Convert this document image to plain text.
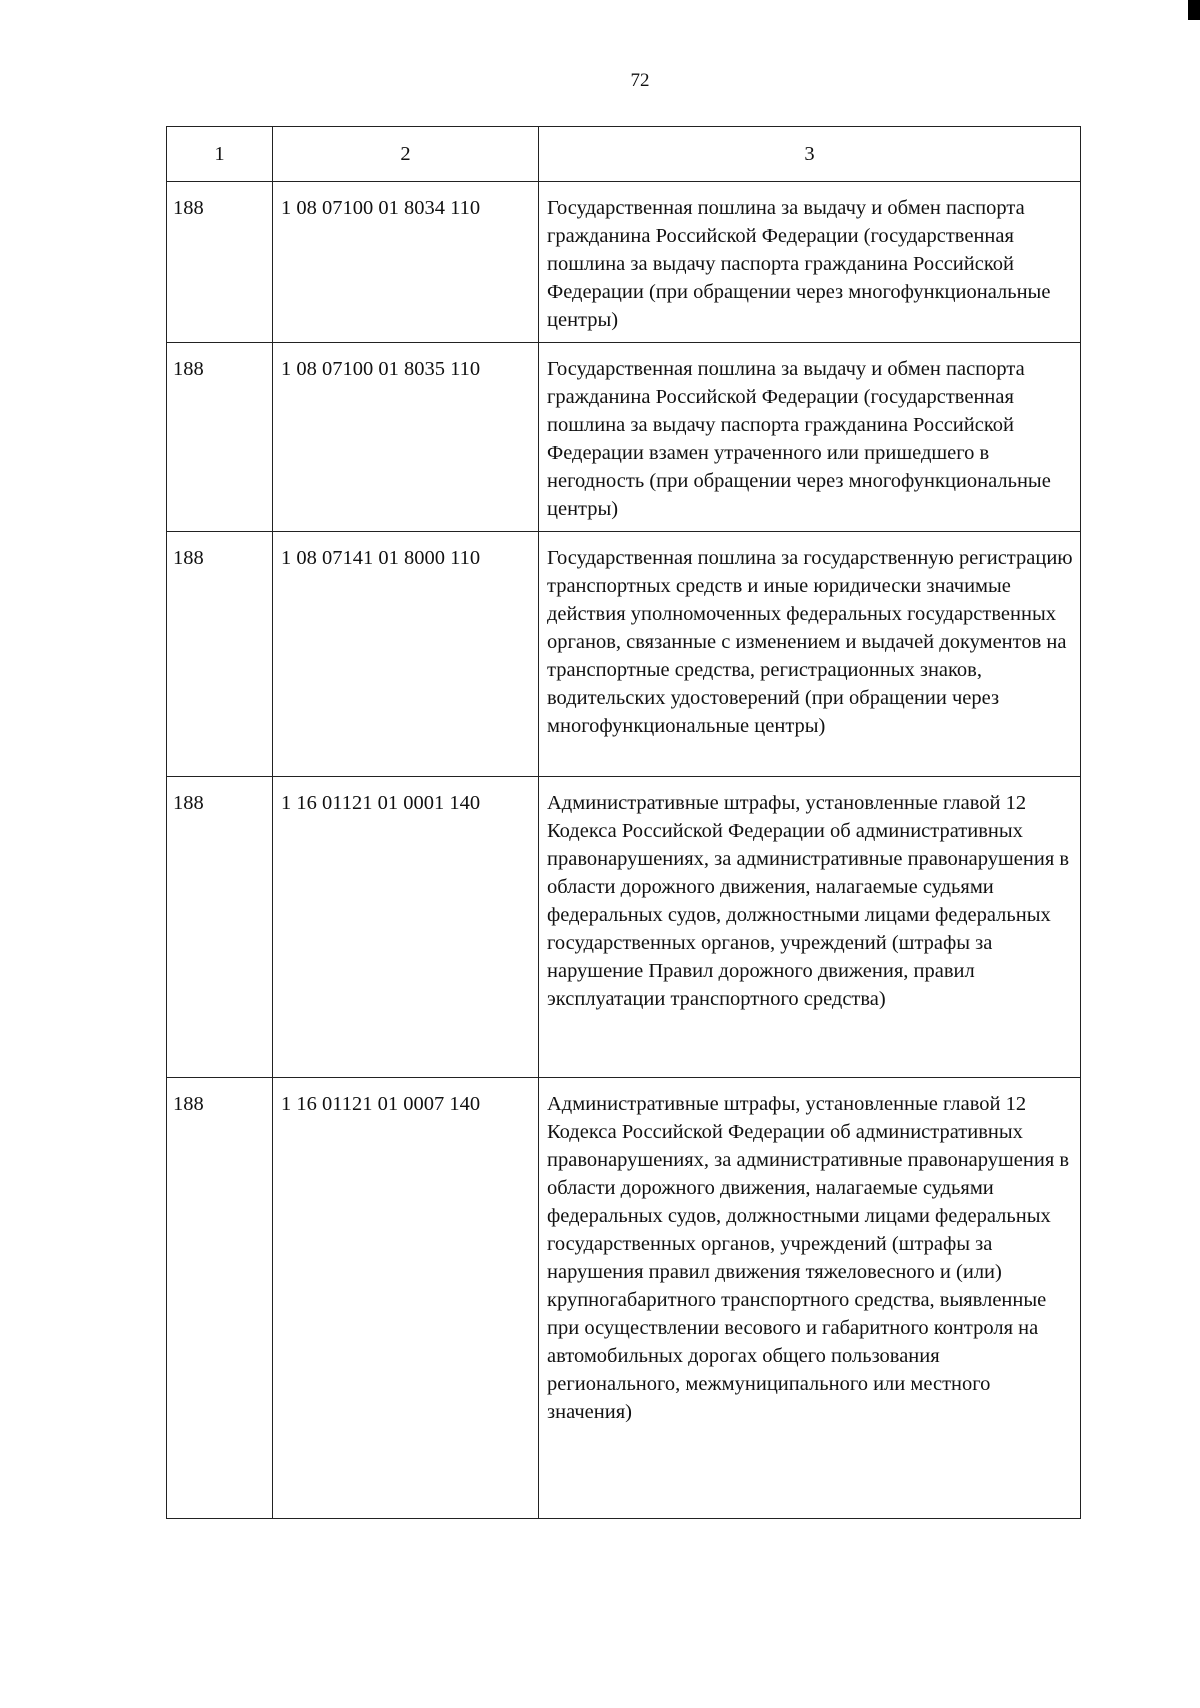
72
1	2	3
188	1 08 07100 01 8034 110	Государственная пошлина за выдачу и обмен паспорта гражданина Российской Федерации (государственная пошлина за выдачу паспорта гражданина Российской Федерации (при обращении через многофункциональные центры)
188	1 08 07100 01 8035 110	Государственная пошлина за выдачу и обмен паспорта гражданина Российской Федерации (государственная пошлина за выдачу паспорта гражданина Российской Федерации взамен утраченного или пришедшего в негодность (при обращении через многофункциональные центры)
188	1 08 07141 01 8000 110	Государственная пошлина за государственную регистрацию транспортных средств и иные юридически значимые действия уполномоченных федеральных государственных органов, связанные с изменением и выдачей документов на транспортные средства, регистрационных знаков, водительских удостоверений (при обращении через многофункциональные центры)
188	1 16 01121 01 0001 140	Административные штрафы, установленные главой 12 Кодекса Российской Федерации об административных правонарушениях, за административные правонарушения в области дорожного движения, налагаемые судьями федеральных судов, должностными лицами федеральных государственных органов, учреждений (штрафы за нарушение Правил дорожного движения, правил эксплуатации транспортного средства)
188	1 16 01121 01 0007 140	Административные штрафы, установленные главой 12 Кодекса Российской Федерации об административных правонарушениях, за административные правонарушения в области дорожного движения, налагаемые судьями федеральных судов, должностными лицами федеральных государственных органов, учреждений (штрафы за нарушения правил движения тяжеловесного и (или) крупногабаритного транспортного средства, выявленные при осуществлении весового и габаритного контроля на автомобильных дорогах общего пользования регионального, межмуниципального или местного значения)
